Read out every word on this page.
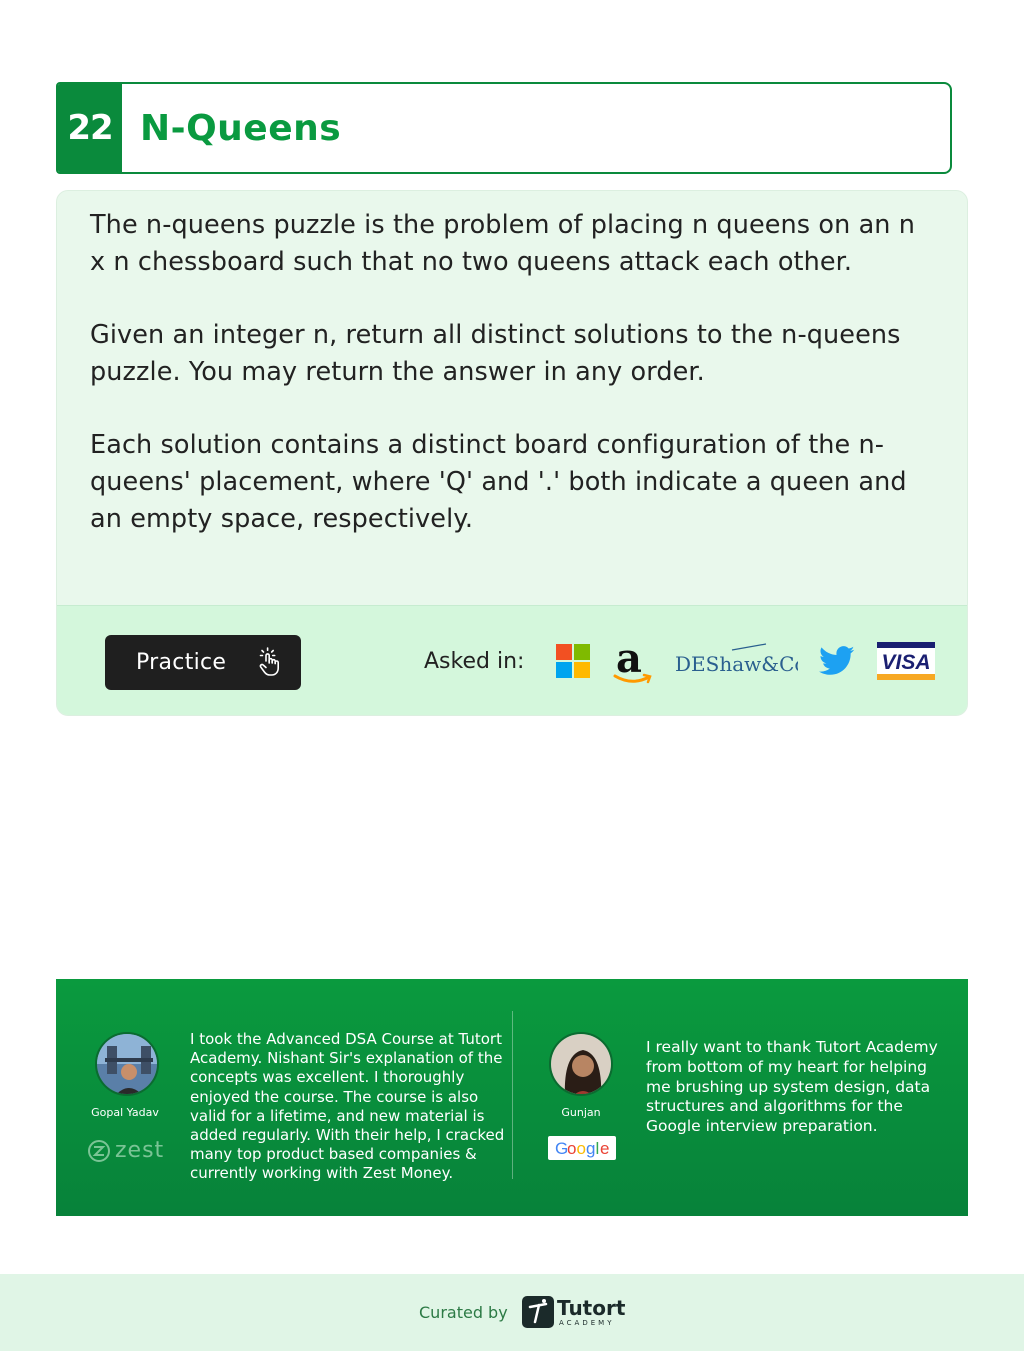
22 N-Queens

The n-queens puzzle is the problem of placing n queens on an n x n chessboard such that no two queens attack each other.

Given an integer n, return all distinct solutions to the n-queens puzzle. You may return the answer in any order.

Each solution contains a distinct board configuration of the n-queens' placement, where 'Q' and '.' both indicate a queen and an empty space, respectively.

Practice	Asked in: a DEShaw&Co	VISA
Gopal Yadav
zest
I took the Advanced DSA Course at Tutort Academy. Nishant Sir's explanation of the concepts was excellent. I thoroughly enjoyed the course. The course is also valid for a lifetime, and new material is added regularly. With their help, I cracked many top product based companies & currently working with Zest Money.
Gunjan
G
o o g l e
I really want to thank Tutort Academy from bottom of my heart for helping me brushing up system design, data structures and algorithms for the Google interview preparation.
Curated by Tutort
ACADEMY
